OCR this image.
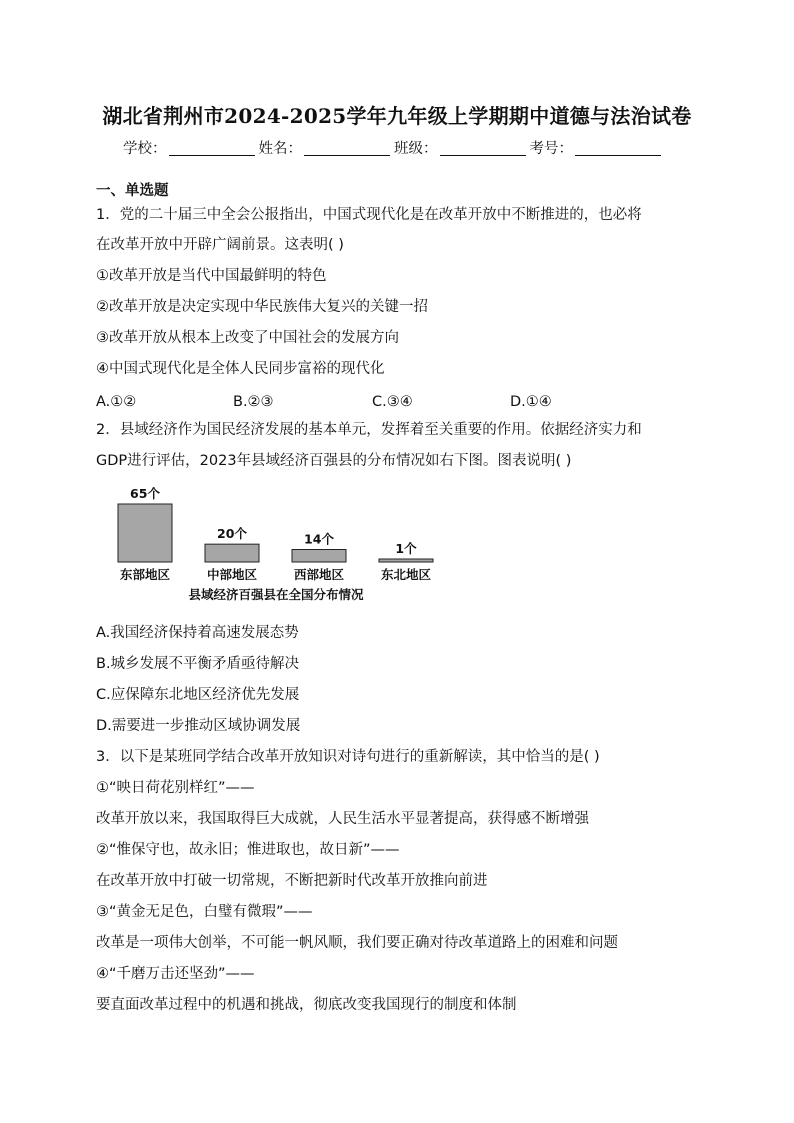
湖北省荆州市2024-2025学年九年级上学期期中道德与法治试卷
学校：	姓名：	班级：	考号：
一、单选题
1．党的二十届三中全会公报指出，中国式现代化是在改革开放中不断推进的，也必将
在改革开放中开辟广阔前景。这表明( )
①改革开放是当代中国最鲜明的特色
②改革开放是决定实现中华民族伟大复兴的关键一招
③改革开放从根本上改变了中国社会的发展方向
④中国式现代化是全体人民同步富裕的现代化
A.①②	B.②③	C.③④	D.①④
2．县域经济作为国民经济发展的基本单元，发挥着至关重要的作用。依据经济实力和
GDP进行评估，2023年县域经济百强县的分布情况如右下图。图表说明( )
65个
东部地区
20个
中部地区
14个
西部地区
1个
东北地区
县域经济百强县在全国分布情况
A.我国经济保持着高速发展态势
B.城乡发展不平衡矛盾亟待解决
C.应保障东北地区经济优先发展
D.需要进一步推动区域协调发展
3．以下是某班同学结合改革开放知识对诗句进行的重新解读，其中恰当的是( )
①“映日荷花别样红”——
改革开放以来，我国取得巨大成就，人民生活水平显著提高，获得感不断增强
②“惟保守也，故永旧；惟进取也，故日新”——
在改革开放中打破一切常规，不断把新时代改革开放推向前进
③“黄金无足色，白璧有微瑕”——
改革是一项伟大创举，不可能一帆风顺，我们要正确对待改革道路上的困难和问题
④“千磨万击还坚劲”——
要直面改革过程中的机遇和挑战，彻底改变我国现行的制度和体制
